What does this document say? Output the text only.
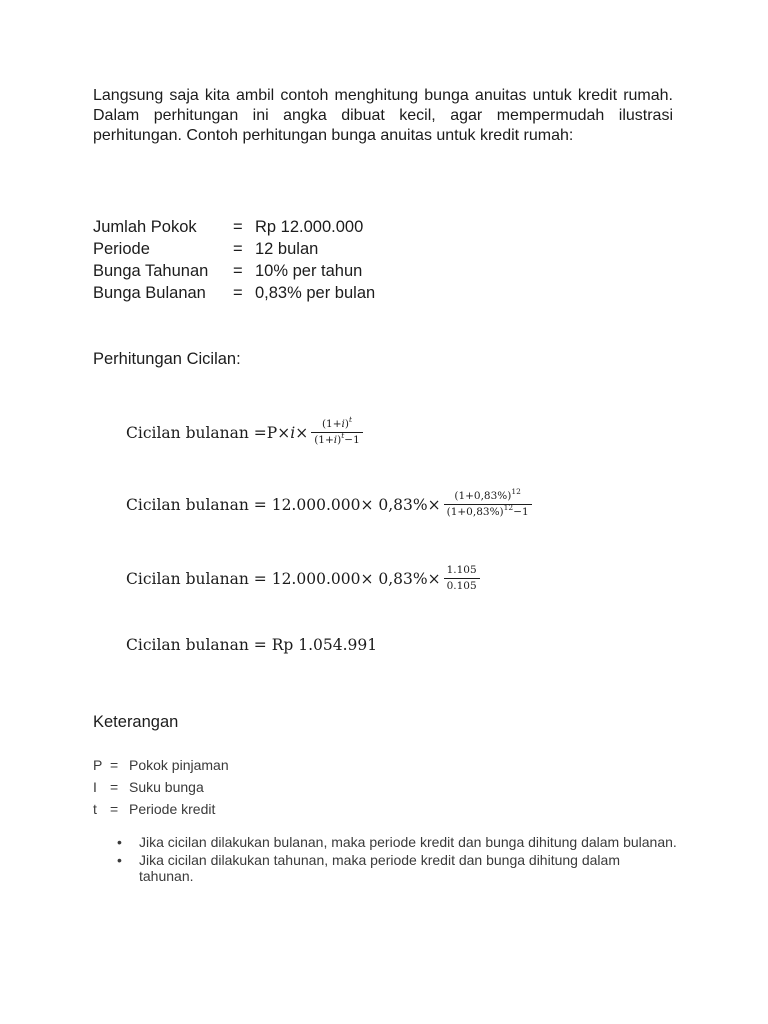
Langsung saja kita ambil contoh menghitung bunga anuitas untuk kredit rumah. Dalam perhitungan ini angka dibuat kecil, agar mempermudah ilustrasi perhitungan. Contoh perhitungan bunga anuitas untuk kredit rumah:

Jumlah Pokok	= Rp 12.000.000
Periode	= 12 bulan
Bunga Tahunan	= 10% per tahun
Bunga Bulanan	= 0,83% per bulan
Perhitungan Cicilan:
Cicilan bulanan = $P \times i \times \frac{(1+i)^t}{(1+i)^t-1}$
Cicilan bulanan = $12.000.000\times 0,83\%\times \frac{(1+0,83\%)^{12}}{(1+0,83\%)^{12}-1}$
Cicilan bulanan = $12.000.000\times 0,83\%\times \frac{1.105}{0.105}$
Cicilan bulanan = Rp 1.054.991
Keterangan
P = Pokok pinjaman
I = Suku bunga
t = Periode kredit
• Jika cicilan dilakukan bulanan, maka periode kredit dan bunga dihitung dalam bulanan.
• Jika cicilan dilakukan tahunan, maka periode kredit dan bunga dihitung dalam tahunan.
